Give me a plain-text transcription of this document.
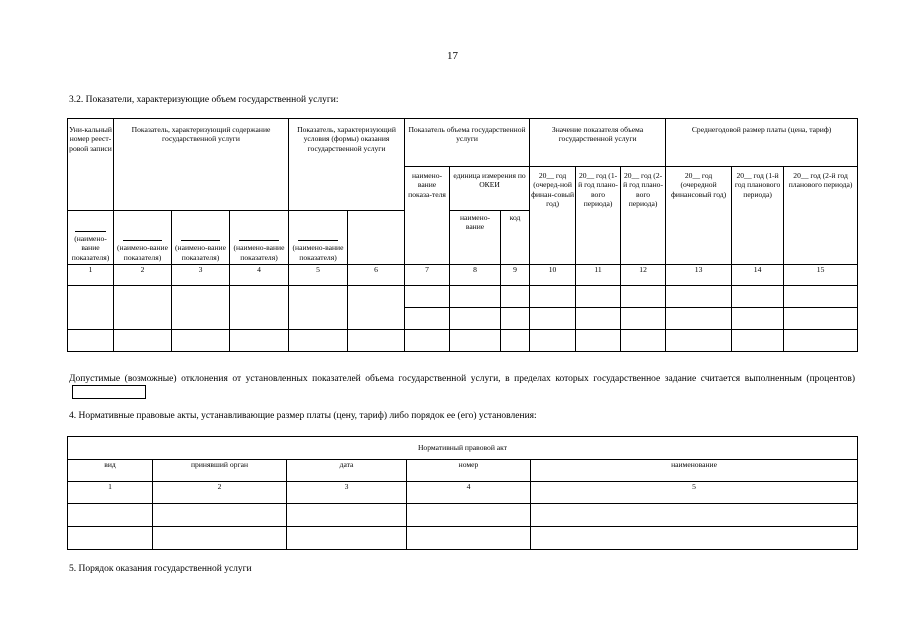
17
3.2. Показатели, характеризующие объем государственной услуги:
Уни-кальный номер реест-ровой записи	Показатель, характеризующий содержание государственной услуги			Показатель, характеризующий условия (формы) оказания государственной услуги		Показатель объема государственной услуги			Значение показателя объема государственной услуги			Среднегодовой размер платы (цена, тариф)		
						наимено-вание показа-теля	единица измерения по ОКЕИ		20__ год (очеред-ной финан-совый год)	20__ год (1-й год плано-вого периода)	20__ год (2-й год плано-вого периода)	20__ год (очередной финансовый год)	20__ год (1-й год планового периода)	20__ год (2-й год планового периода)
							наимено-вание	код						

(наимено-вание показателя)	(наимено-вание показателя)	(наимено-вание показателя)	(наимено-вание показателя)	(наимено-вание показателя)										
1	2	3	4	5	6	7	8	9	10	11	12	13	14	15

Допустимые (возможные) отклонения от установленных показателей объема государственной услуги, в пределах которых государственное задание считается выполненным (процентов)
4. Нормативные правовые акты, устанавливающие размер платы (цену, тариф) либо порядок ее (его) установления:
Нормативный правовой акт				
вид	принявший орган	дата	номер	наименование
1	2	3	4	5

5. Порядок оказания государственной услуги
